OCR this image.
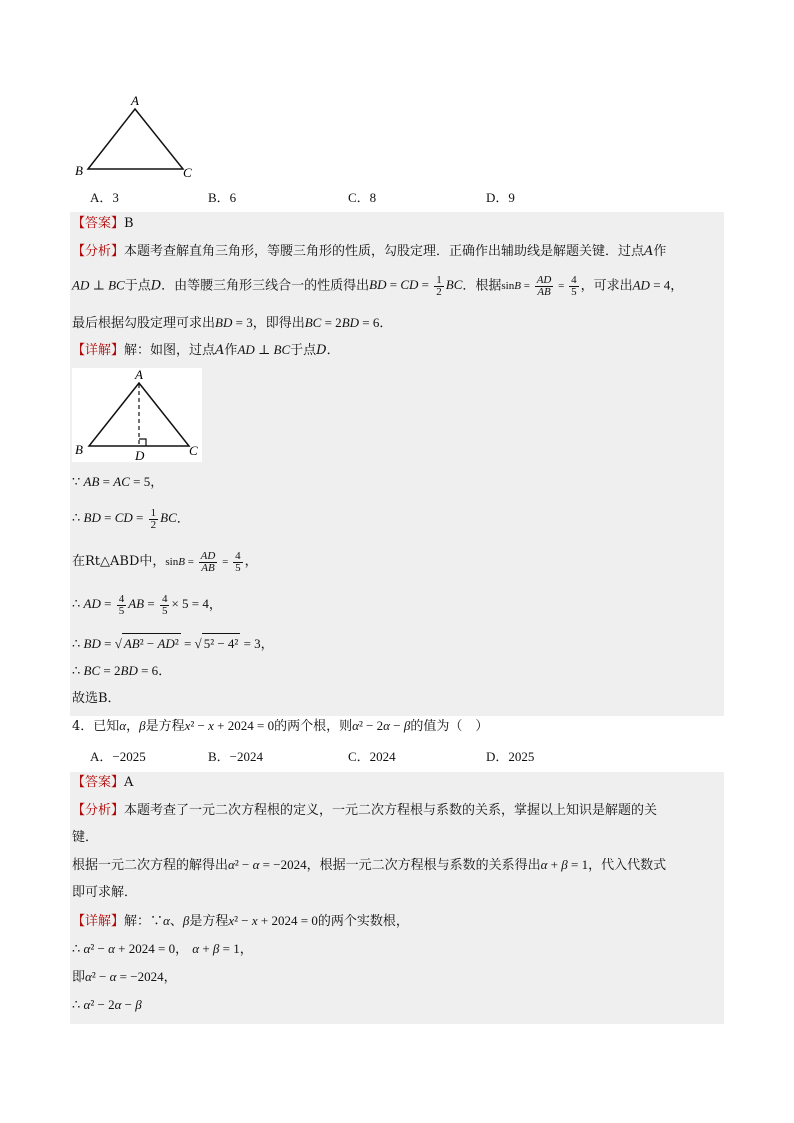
A
B	C
A．3	B．6	C．8	D．9
【答案】B
【分析】本题考查解直角三角形，等腰三角形的性质，勾股定理．正确作出辅助线是解题关键．过点A作
AD ⊥ BC于点D．由等腰三角形三线合一的性质得出BD = CD = $\frac{1}{2}$ BC．根据$\sin B = \frac{AD}{AB} = \frac{4}{5}$ ，可求出AD = 4，
最后根据勾股定理可求出BD = 3，即得出BC = 2BD = 6．
【详解】解：如图，过点A作AD ⊥ BC于点D．
A
B	C
D
∵ AB = AC = 5，
∴ BD = CD = $\frac{1}{2}$ BC．
在Rt△ABD中，$\sin B = \frac{AD}{AB} = \frac{4}{5}$ ，
∴ AD = $\frac{4}{5}$ AB = $\frac{4}{5} \times 5 = 4$，
∴ BD = √ AB² − AD² = √ 5² − 4² = 3，
∴ BC = 2BD = 6．
故选B．
4．已知α，β是方程x² − x + 2024 = 0的两个根，则α² − 2α − β的值为（　）
A．−2025	B．−2024	C．2024	D．2025
【答案】A
【分析】本题考查了一元二次方程根的定义，一元二次方程根与系数的关系，掌握以上知识是解题的关
键．
根据一元二次方程的解得出α² − α = −2024，根据一元二次方程根与系数的关系得出α + β = 1，代入代数式
即可求解．
【详解】解：∵α、β是方程x² − x + 2024 = 0的两个实数根，
∴ α² − α + 2024 = 0， α + β = 1，
即α² − α = −2024，
∴ α² − 2α − β
